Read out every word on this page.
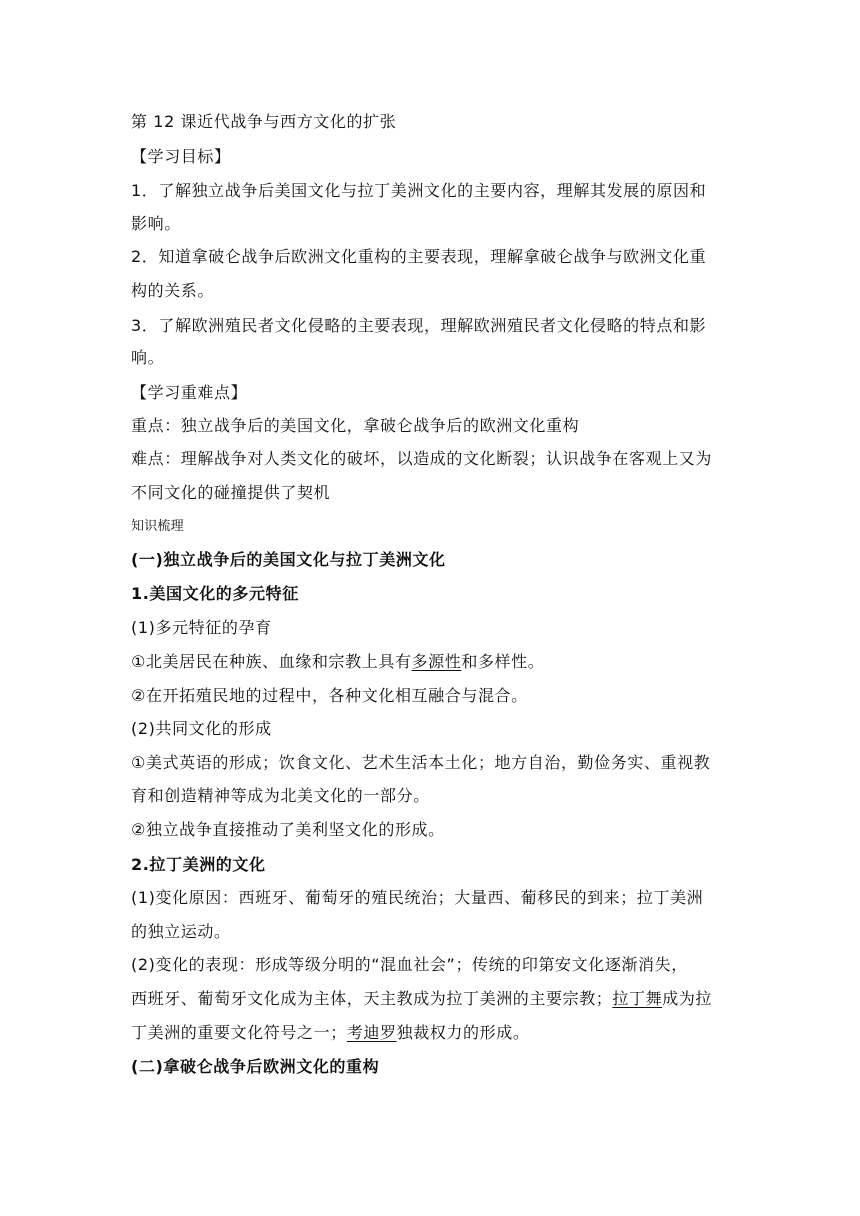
第 12 课近代战争与西方文化的扩张
【学习目标】
1．了解独立战争后美国文化与拉丁美洲文化的主要内容，理解其发展的原因和
影响。
2．知道拿破仑战争后欧洲文化重构的主要表现，理解拿破仑战争与欧洲文化重
构的关系。
3．了解欧洲殖民者文化侵略的主要表现，理解欧洲殖民者文化侵略的特点和影
响。
【学习重难点】
重点：独立战争后的美国文化，拿破仑战争后的欧洲文化重构
难点：理解战争对人类文化的破坏，以造成的文化断裂；认识战争在客观上又为
不同文化的碰撞提供了契机
知识梳理
(一)独立战争后的美国文化与拉丁美洲文化
1.美国文化的多元特征
(1)多元特征的孕育
①北美居民在种族、血缘和宗教上具有多源性和多样性。
②在开拓殖民地的过程中，各种文化相互融合与混合。
(2)共同文化的形成
①美式英语的形成；饮食文化、艺术生活本土化；地方自治，勤俭务实、重视教
育和创造精神等成为北美文化的一部分。
②独立战争直接推动了美利坚文化的形成。
2.拉丁美洲的文化
(1)变化原因：西班牙、葡萄牙的殖民统治；大量西、葡移民的到来；拉丁美洲
的独立运动。
(2)变化的表现：形成等级分明的“混血社会”；传统的印第安文化逐渐消失，
西班牙、葡萄牙文化成为主体，天主教成为拉丁美洲的主要宗教；拉丁舞成为拉
丁美洲的重要文化符号之一；考迪罗独裁权力的形成。
(二)拿破仑战争后欧洲文化的重构
